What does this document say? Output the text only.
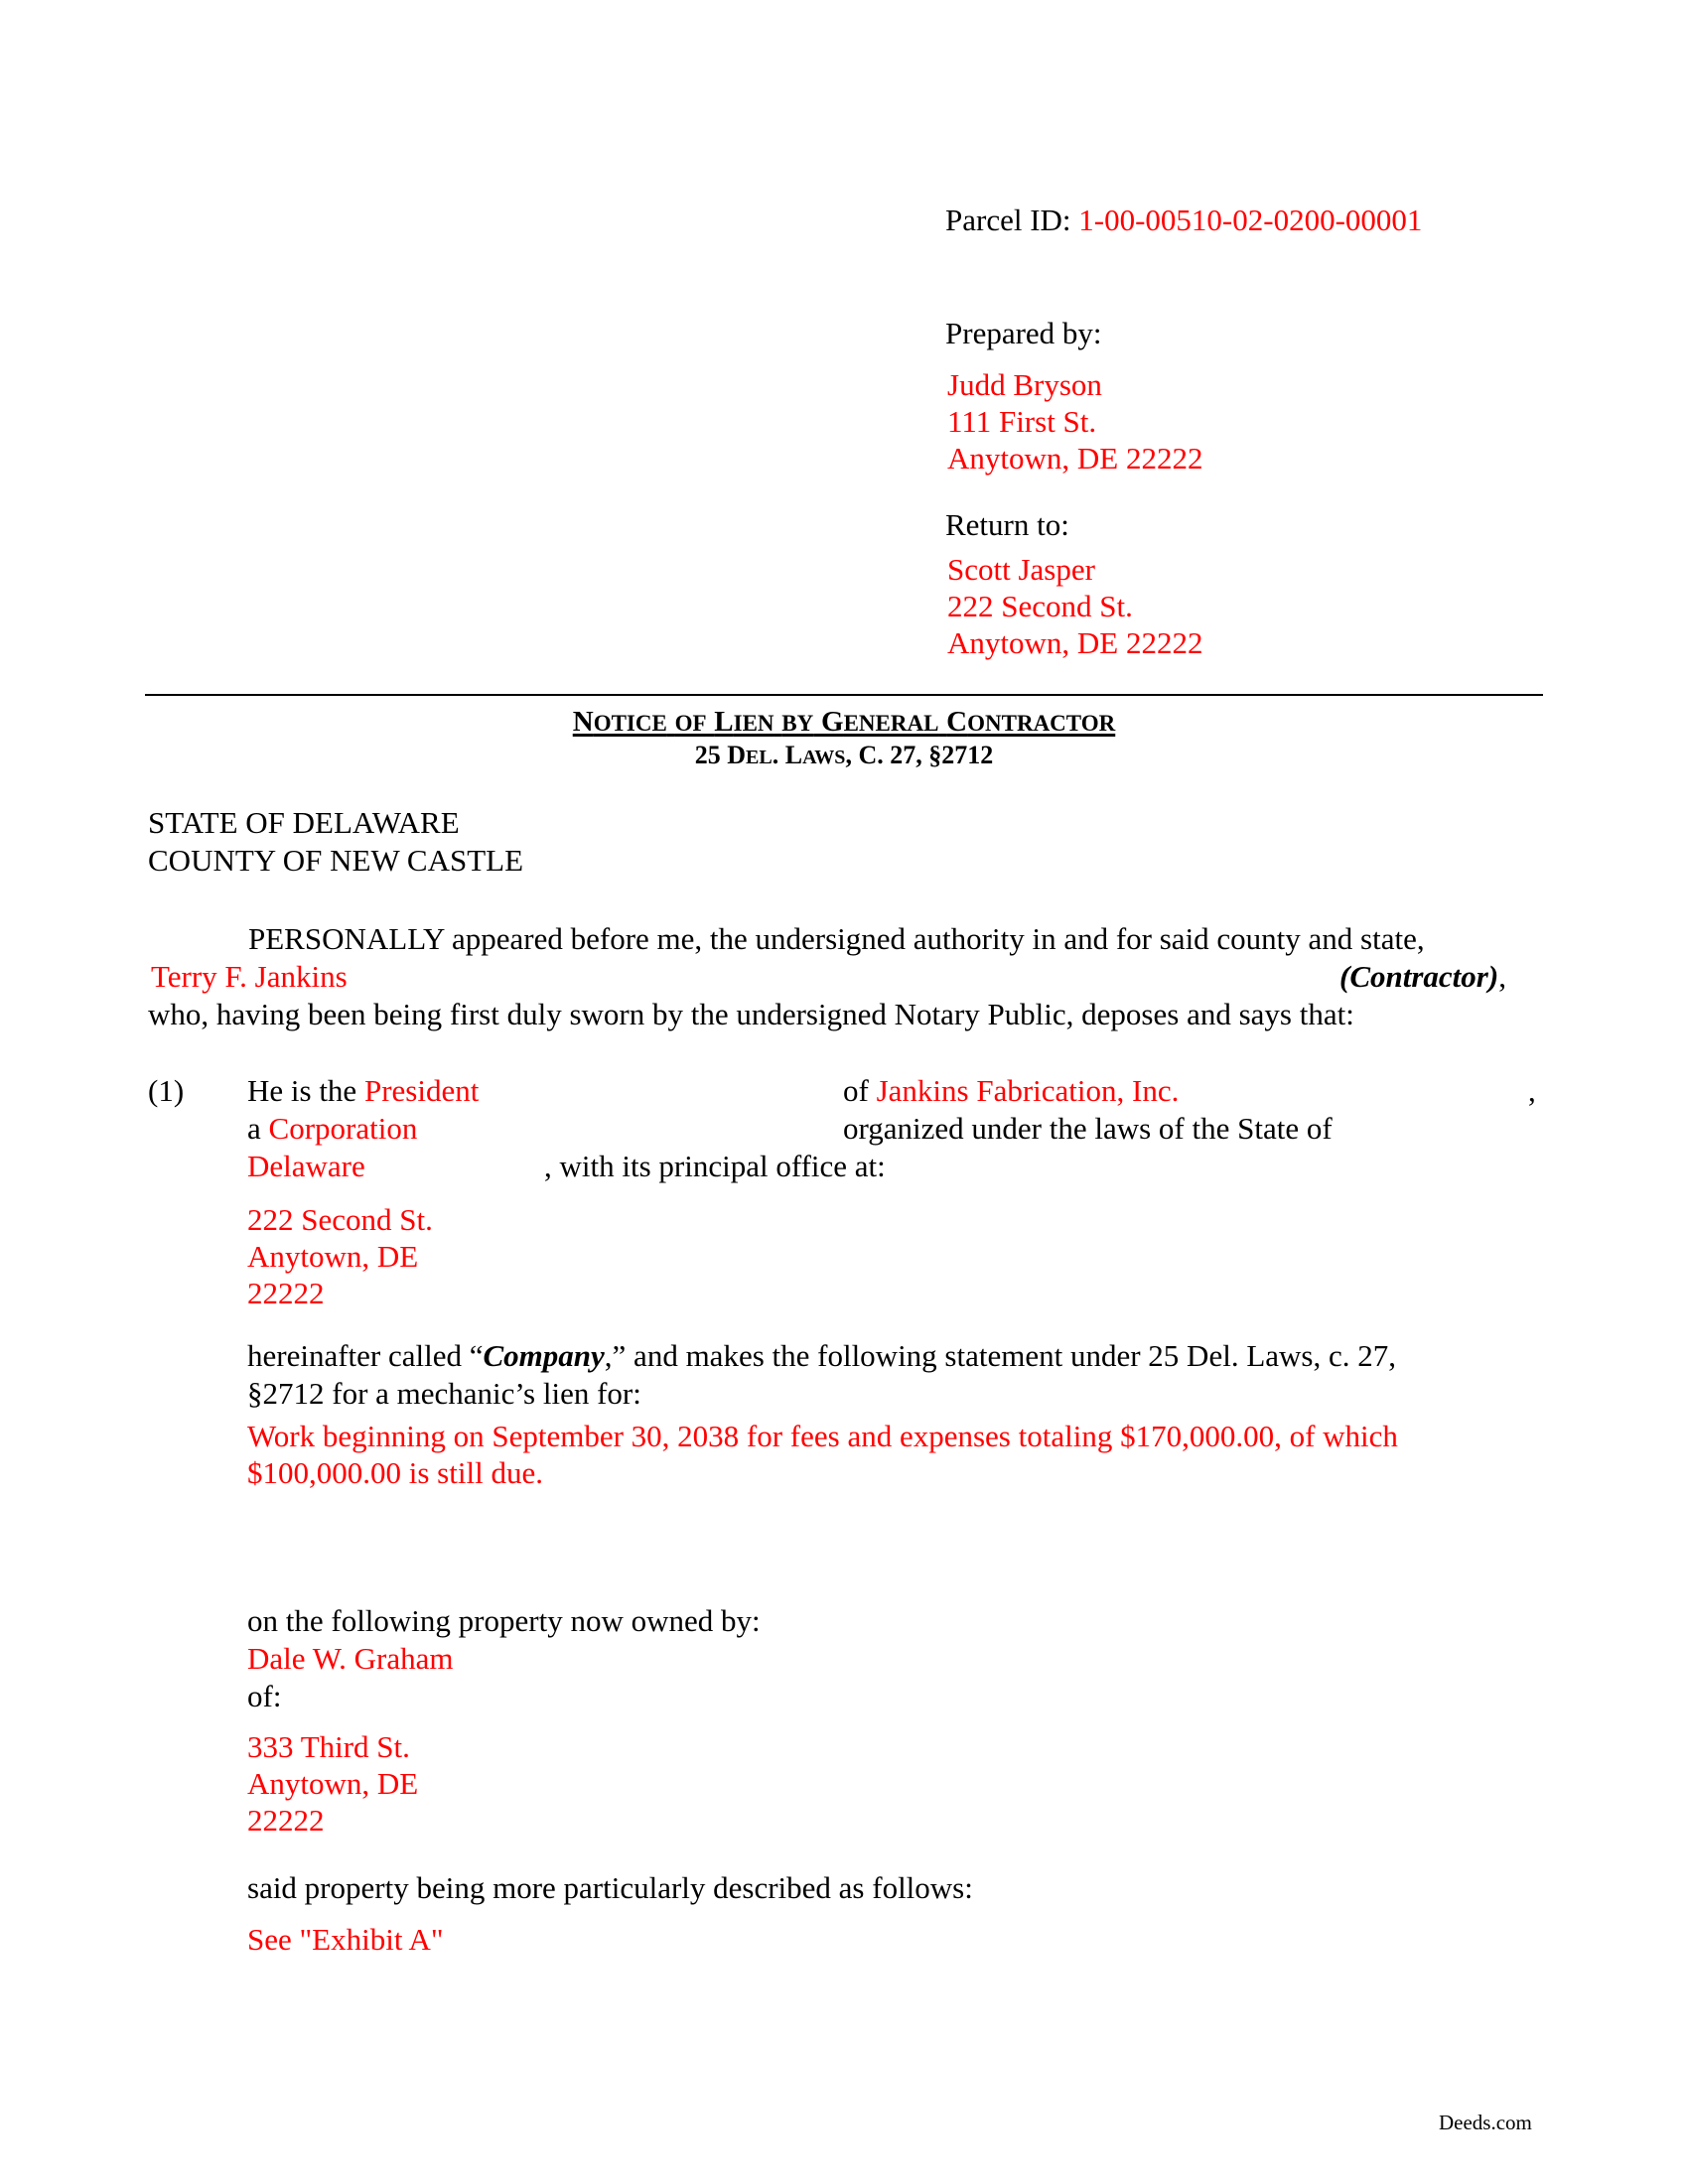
Parcel ID: 1-00-00510-02-0200-00001
Prepared by:
Judd Bryson
111 First St.
Anytown, DE 22222
Return to:
Scott Jasper
222 Second St.
Anytown, DE 22222
NOTICE OF LIEN BY GENERAL CONTRACTOR
25 DEL. LAWS, C. 27, §2712
STATE OF DELAWARE
COUNTY OF NEW CASTLE
PERSONALLY appeared before me, the undersigned authority in and for said county and state,
Terry F. Jankins	(Contractor),
who, having been being first duly sworn by the undersigned Notary Public, deposes and says that:
(1) He is the President	of Jankins Fabrication, Inc.	,
a Corporation	organized under the laws of the State of
Delaware	, with its principal office at:
222 Second St.
Anytown, DE
22222
hereinafter called “Company,” and makes the following statement under 25 Del. Laws, c. 27,
§2712 for a mechanic’s lien for:
Work beginning on September 30, 2038 for fees and expenses totaling $170,000.00, of which
$100,000.00 is still due.
on the following property now owned by:
Dale W. Graham
of:
333 Third St.
Anytown, DE
22222
said property being more particularly described as follows:
See "Exhibit A"
Deeds.com
